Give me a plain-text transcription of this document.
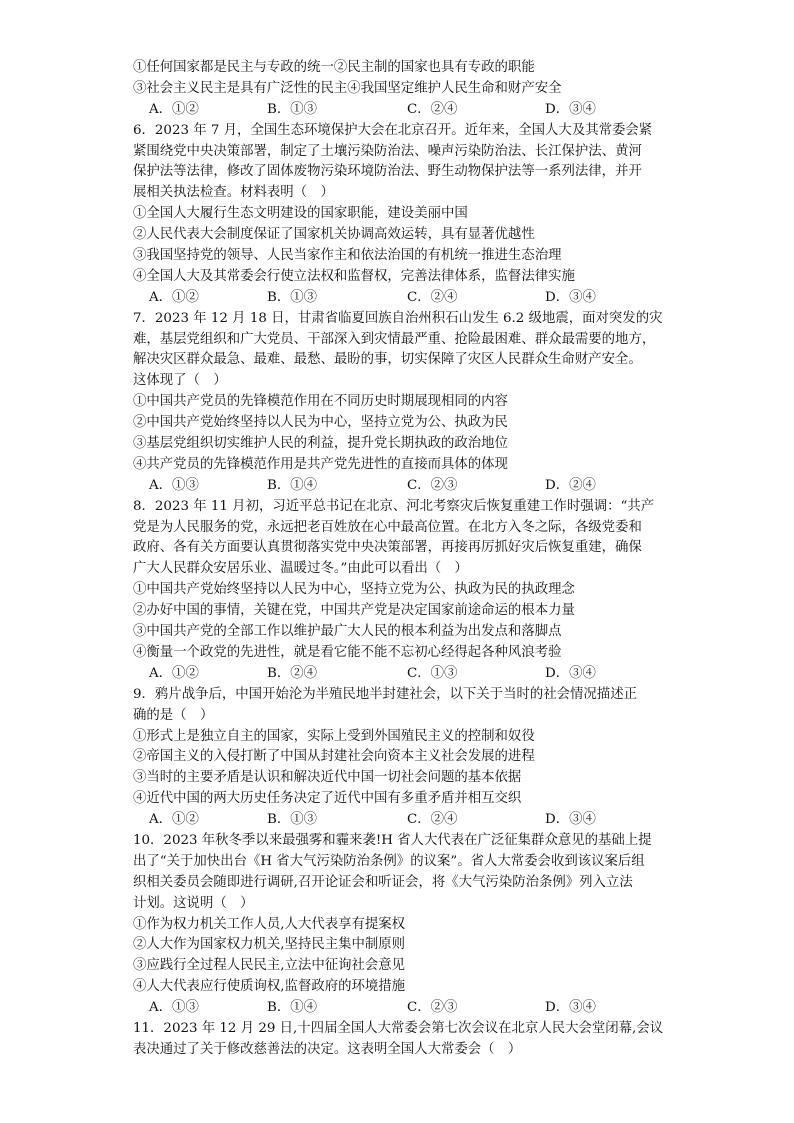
①任何国家都是民主与专政的统一②民主制的国家也具有专政的职能
③社会主义民主是具有广泛性的民主④我国坚定维护人民生命和财产安全
A．①②	B．①③	C．②④	D．③④
6．2023 年 7 月，全国生态环境保护大会在北京召开。近年来，全国人大及其常委会紧
紧围绕党中央决策部署，制定了土壤污染防治法、噪声污染防治法、长江保护法、黄河
保护法等法律，修改了固体废物污染环境防治法、野生动物保护法等一系列法律，并开
展相关执法检查。材料表明（　）
①全国人大履行生态文明建设的国家职能，建设美丽中国
②人民代表大会制度保证了国家机关协调高效运转，具有显著优越性
③我国坚持党的领导、人民当家作主和依法治国的有机统一推进生态治理
④全国人大及其常委会行使立法权和监督权，完善法律体系，监督法律实施
A．①②	B．①③	C．②④	D．③④
7．2023 年 12 月 18 日，甘肃省临夏回族自治州积石山发生 6.2 级地震，面对突发的灾
难，基层党组织和广大党员、干部深入到灾情最严重、抢险最困难、群众最需要的地方，
解决灾区群众最急、最难、最愁、最盼的事，切实保障了灾区人民群众生命财产安全。
这体现了（　）
①中国共产党员的先锋模范作用在不同历史时期展现相同的内容
②中国共产党始终坚持以人民为中心，坚持立党为公、执政为民
③基层党组织切实维护人民的利益，提升党长期执政的政治地位
④共产党员的先锋模范作用是共产党先进性的直接而具体的体现
A．①③	B．①④	C．②③	D．②④
8．2023 年 11 月初，习近平总书记在北京、河北考察灾后恢复重建工作时强调：“共产
党是为人民服务的党，永远把老百姓放在心中最高位置。在北方入冬之际，各级党委和
政府、各有关方面要认真贯彻落实党中央决策部署，再接再厉抓好灾后恢复重建，确保
广大人民群众安居乐业、温暖过冬。”由此可以看出（　）
①中国共产党始终坚持以人民为中心，坚持立党为公、执政为民的执政理念
②办好中国的事情，关键在党，中国共产党是决定国家前途命运的根本力量
③中国共产党的全部工作以维护最广大人民的根本利益为出发点和落脚点
④衡量一个政党的先进性，就是看它能不能不忘初心经得起各种风浪考验
A．①②	B．②④	C．①③	D．③④
9．鸦片战争后，中国开始沦为半殖民地半封建社会，以下关于当时的社会情况描述正
确的是（　）
①形式上是独立自主的国家，实际上受到外国殖民主义的控制和奴役
②帝国主义的入侵打断了中国从封建社会向资本主义社会发展的进程
③当时的主要矛盾是认识和解决近代中国一切社会问题的基本依据
④近代中国的两大历史任务决定了近代中国有多重矛盾并相互交织
A．①②	B．①③	C．②④	D．③④
10．2023 年秋冬季以来最强雾和霾来袭!H 省人大代表在广泛征集群众意见的基础上提
出了“关于加快出台《H 省大气污染防治条例》的议案”。省人大常委会收到该议案后组
织相关委员会随即进行调研,召开论证会和听证会，将《大气污染防治条例》列入立法
计划。这说明（　）
①作为权力机关工作人员,人大代表享有提案权
②人大作为国家权力机关,坚持民主集中制原则
③应践行全过程人民民主,立法中征询社会意见
④人大代表应行使质询权,监督政府的环境措施
A．①③	B．①④	C．②③	D．③④
11．2023 年 12 月 29 日,十四届全国人大常委会第七次会议在北京人民大会堂闭幕,会议
表决通过了关于修改慈善法的决定。这表明全国人大常委会（　）
